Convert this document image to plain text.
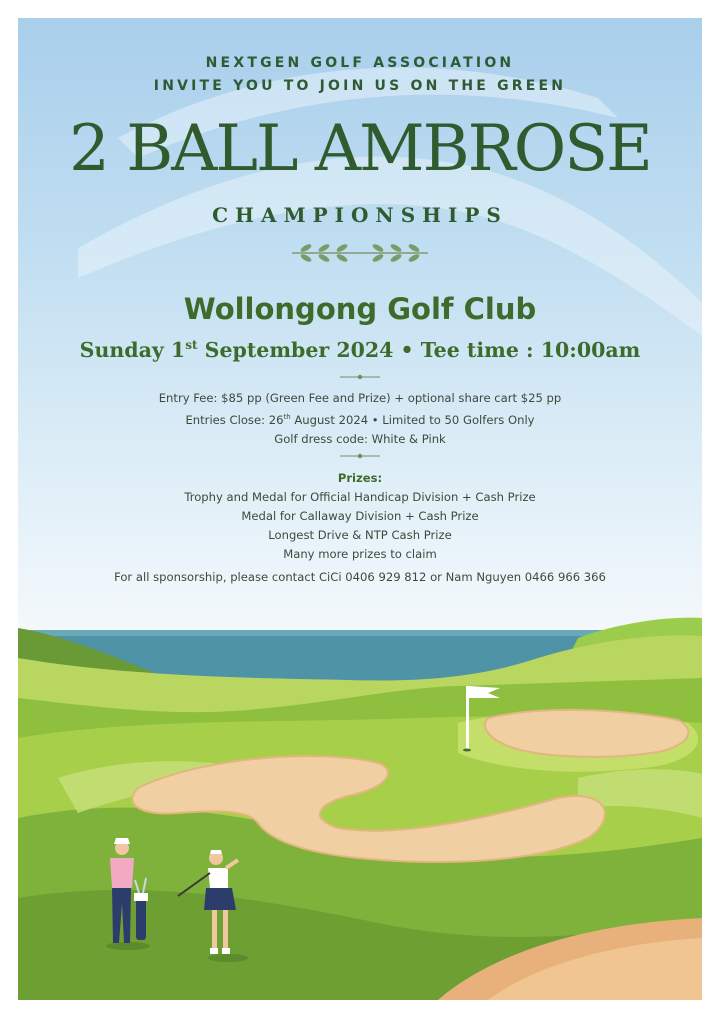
NEXTGEN GOLF ASSOCIATION
INVITE YOU TO JOIN US ON THE GREEN
2 BALL AMBROSE
CHAMPIONSHIPS
Wollongong Golf Club
Sunday 1st September 2024 • Tee time : 10:00am
Entry Fee: $85 pp (Green Fee and Prize) + optional share cart $25 pp
Entries Close: 26th August 2024 • Limited to 50 Golfers Only
Golf dress code: White & Pink
Prizes:
Trophy and Medal for Official Handicap Division + Cash Prize
Medal for Callaway Division + Cash Prize
Longest Drive & NTP Cash Prize
Many more prizes to claim
For all sponsorship, please contact CiCi 0406 929 812 or Nam Nguyen 0466 966 366
